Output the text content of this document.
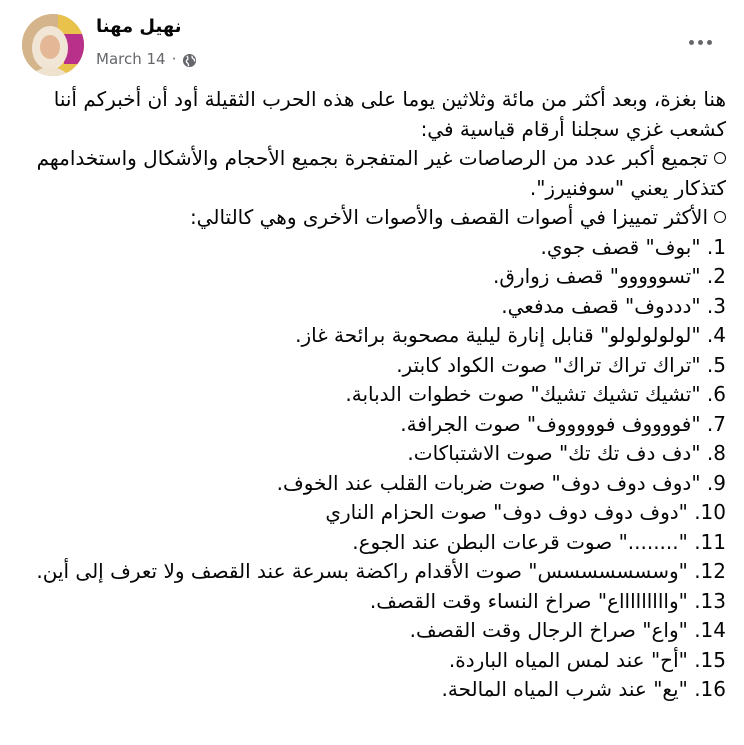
نهيل مهنا
March 14 ·

هنا بغزة، وبعد أكثر من مائة وثلاثين يوما على هذه الحرب الثقيلة أود أن أخبركم أننا كشعب غزي سجلنا أرقام قياسية في:

تجميع أكبر عدد من الرصاصات غير المتفجرة بجميع الأحجام والأشكال واستخدامهم كتذكار يعني "سوفنيرز".

الأكثر تمييزا في أصوات القصف والأصوات الأخرى وهي كالتالي:

1. "بوف" قصف جوي.
2. "تسووووو" قصف زوارق.
3. "دددوف" قصف مدفعي.
4. "لولولولولو" قنابل إنارة ليلية مصحوبة برائحة غاز.
5. "تراك تراك تراك" صوت الكواد كابتر.
6. "تشيك تشيك تشيك" صوت خطوات الدبابة.
7. "فووووف فوووووف" صوت الجرافة.
8. "دف دف تك تك" صوت الاشتباكات.
9. "دوف دوف دوف" صوت ضربات القلب عند الخوف.
10. "دوف دوف دوف دوف" صوت الحزام الناري
11. "........" صوت قرعات البطن عند الجوع.
12. "وسسسسسسس" صوت الأقدام راكضة بسرعة عند القصف ولا تعرف إلى أين.
13. "واااااااااع" صراخ النساء وقت القصف.
14. "واع" صراخ الرجال وقت القصف.
15. "أح" عند لمس المياه الباردة.
16. "يع" عند شرب المياه المالحة.
